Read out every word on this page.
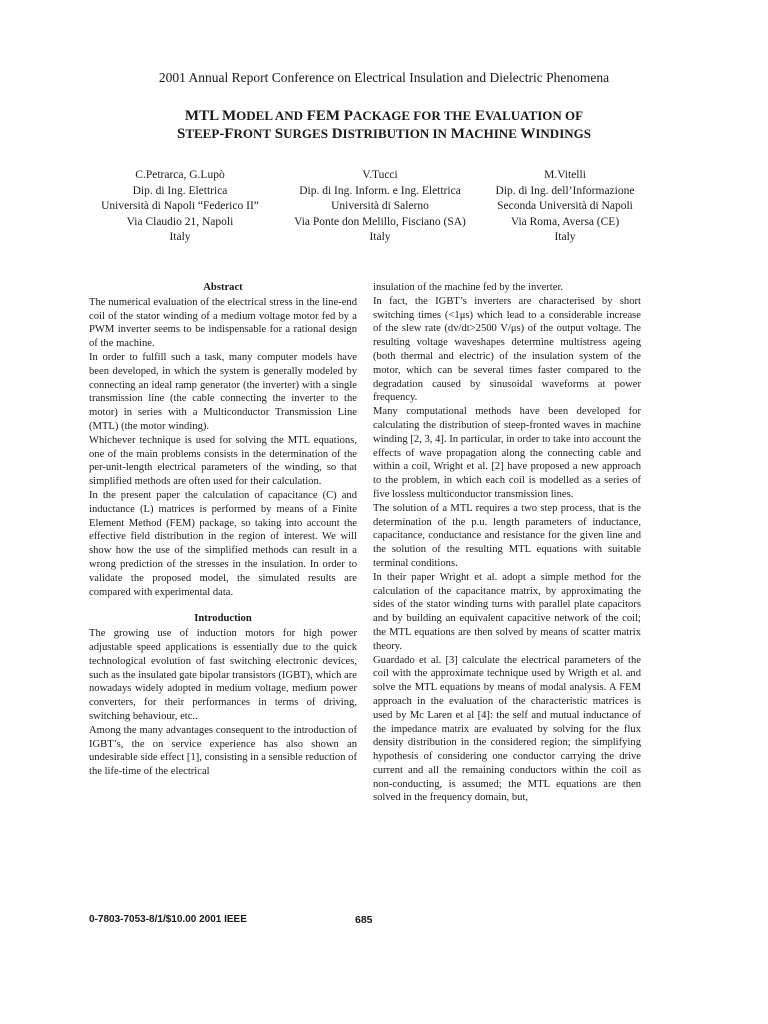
2001 Annual Report Conference on Electrical Insulation and Dielectric Phenomena
MTL MODEL AND FEM PACKAGE FOR THE EVALUATION OF
STEEP-FRONT SURGES DISTRIBUTION IN MACHINE WINDINGS
C.Petrarca, G.Lupò
Dip. di Ing. Elettrica
Università di Napoli “Federico II”
Via Claudio 21, Napoli
Italy
V.Tucci
Dip. di Ing. Inform. e Ing. Elettrica
Università di Salerno
Via Ponte don Melillo, Fisciano (SA)
Italy
M.Vitelli
Dip. di Ing. dell’Informazione
Seconda Università di Napoli
Via Roma, Aversa (CE)
Italy
Abstract

The numerical evaluation of the electrical stress in the line-end coil of the stator winding of a medium voltage motor fed by a PWM inverter seems to be indispensable for a rational design of the machine.

In order to fulfill such a task, many computer models have been developed, in which the system is generally modeled by connecting an ideal ramp generator (the inverter) with a single transmission line (the cable connecting the inverter to the motor) in series with a Multiconductor Transmission Line (MTL) (the motor winding).

Whichever technique is used for solving the MTL equations, one of the main problems consists in the determination of the per-unit-length electrical parameters of the winding, so that simplified methods are often used for their calculation.

In the present paper the calculation of capacitance (C) and inductance (L) matrices is performed by means of a Finite Element Method (FEM) package, so taking into account the effective field distribution in the region of interest. We will show how the use of the simplified methods can result in a wrong prediction of the stresses in the insulation. In order to validate the proposed model, the simulated results are compared with experimental data.

Introduction

The growing use of induction motors for high power adjustable speed applications is essentially due to the quick technological evolution of fast switching electronic devices, such as the insulated gate bipolar transistors (IGBT), which are nowadays widely adopted in medium voltage, medium power converters, for their performances in terms of driving, switching behaviour, etc..

Among the many advantages consequent to the introduction of IGBT’s, the on service experience has also shown an undesirable side effect [1], consisting in a sensible reduction of the life-time of the electrical

insulation of the machine fed by the inverter.

In fact, the IGBT’s inverters are characterised by short switching times (<1μs) which lead to a considerable increase of the slew rate (dv/dt>2500 V/μs) of the output voltage. The resulting voltage waveshapes determine multistress ageing (both thermal and electric) of the insulation system of the motor, which can be several times faster compared to the degradation caused by sinusoidal waveforms at power frequency.

Many computational methods have been developed for calculating the distribution of steep-fronted waves in machine winding [2, 3, 4]. In particular, in order to take into account the effects of wave propagation along the connecting cable and within a coil, Wright et al. [2] have proposed a new approach to the problem, in which each coil is modelled as a series of five lossless multiconductor transmission lines.

The solution of a MTL requires a two step process, that is the determination of the p.u. length parameters of inductance, capacitance, conductance and resistance for the given line and the solution of the resulting MTL equations with suitable terminal conditions.

In their paper Wright et al. adopt a simple method for the calculation of the capacitance matrix, by approximating the sides of the stator winding turns with parallel plate capacitors and by building an equivalent capacitive network of the coil; the MTL equations are then solved by means of scatter matrix theory.

Guardado et al. [3] calculate the electrical parameters of the coil with the approximate technique used by Wrigth et al. and solve the MTL equations by means of modal analysis. A FEM approach in the evaluation of the characteristic matrices is used by Mc Laren et al [4]: the self and mutual inductance of the impedance matrix are evaluated by solving for the flux density distribution in the considered region; the simplifying hypothesis of considering one conductor carrying the drive current and all the remaining conductors within the coil as non-conducting, is assumed; the MTL equations are then solved in the frequency domain, but,

0-7803-7053-8/1/$10.00 2001 IEEE	685
